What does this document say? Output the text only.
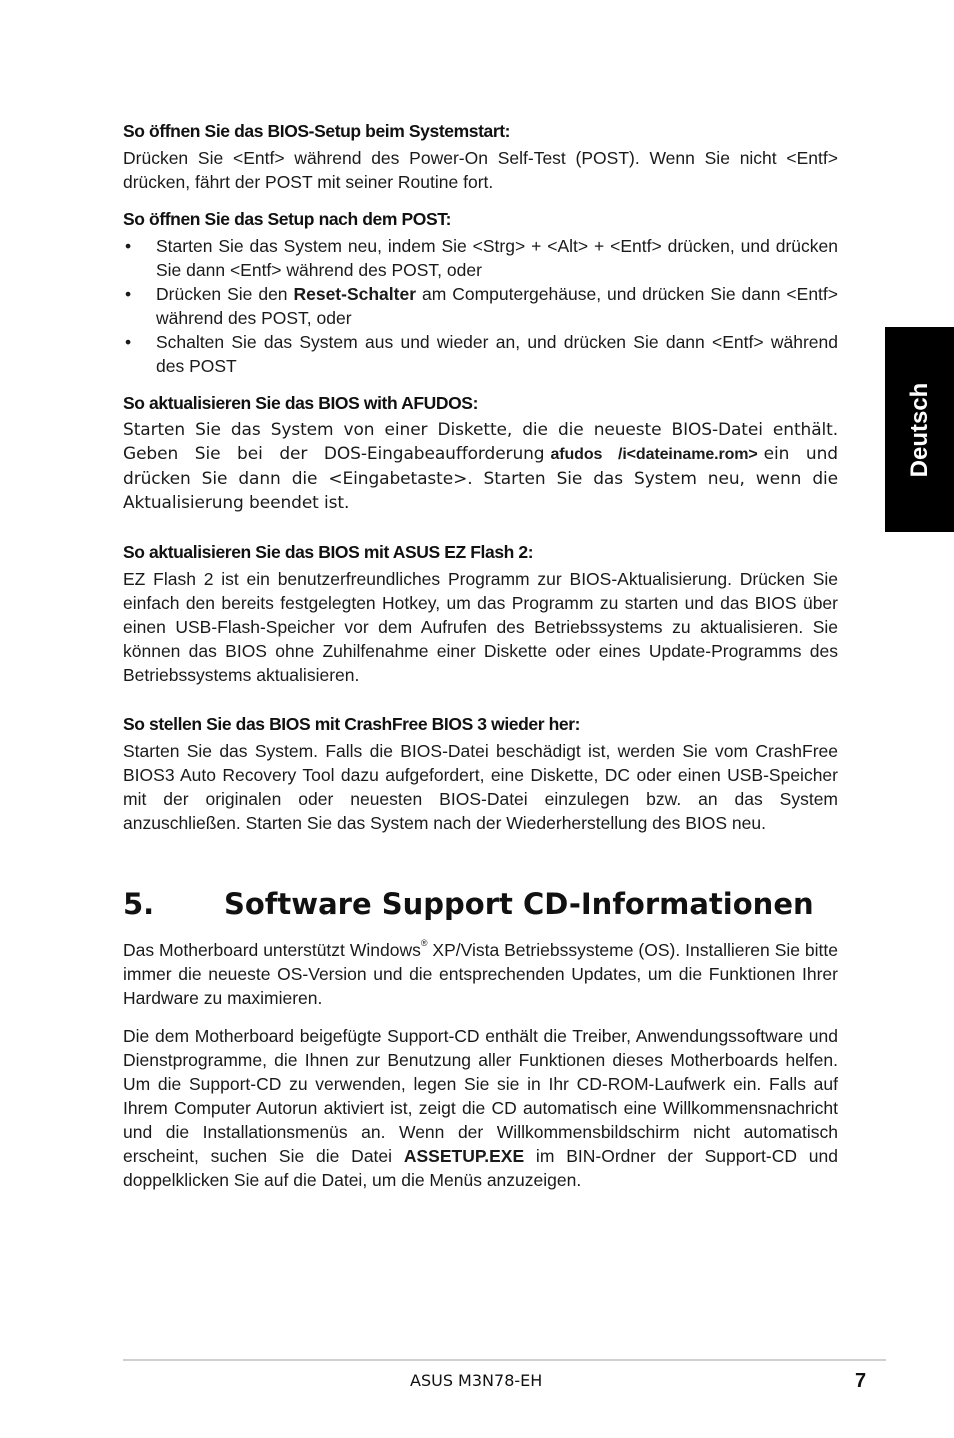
Deutsch
So öffnen Sie das BIOS-Setup beim Systemstart:

Drücken Sie <Entf> während des Power-On Self-Test (POST). Wenn Sie nicht <Entf> drücken, fährt der POST mit seiner Routine fort.

So öffnen Sie das Setup nach dem POST:
• Starten Sie das System neu, indem Sie <Strg> + <Alt> + <Entf> drücken, und drücken Sie dann <Entf> während des POST, oder
• Drücken Sie den Reset-Schalter am Computergehäuse, und drücken Sie dann <Entf> während des POST, oder
• Schalten Sie das System aus und wieder an, und drücken Sie dann <Entf> während des POST
So aktualisieren Sie das BIOS with AFUDOS:

Starten Sie das System von einer Diskette, die die neueste BIOS-Datei enthält. Geben Sie bei der DOS-Eingabeaufforderung afudos /i<dateiname.rom> ein und drücken Sie dann die <Eingabetaste>. Starten Sie das System neu, wenn die Aktualisierung beendet ist.

So aktualisieren Sie das BIOS mit ASUS EZ Flash 2:

EZ Flash 2 ist ein benutzerfreundliches Programm zur BIOS-Aktualisierung. Drücken Sie einfach den bereits festgelegten Hotkey, um das Programm zu starten und das BIOS über einen USB-Flash-Speicher vor dem Aufrufen des Betriebssystems zu aktualisieren. Sie können das BIOS ohne Zuhilfenahme einer Diskette oder eines Update-Programms des Betriebssystems aktualisieren.

So stellen Sie das BIOS mit CrashFree BIOS 3 wieder her:

Starten Sie das System. Falls die BIOS-Datei beschädigt ist, werden Sie vom CrashFree BIOS3 Auto Recovery Tool dazu aufgefordert, eine Diskette, DC oder einen USB-Speicher mit der originalen oder neuesten BIOS-Datei einzulegen bzw. an das System anzuschließen. Starten Sie das System nach der Wiederherstellung des BIOS neu.

5.	Software Support CD-Informationen

Das Motherboard unterstützt Windows® XP/Vista Betriebssysteme (OS). Installieren Sie bitte immer die neueste OS-Version und die entsprechenden Updates, um die Funktionen Ihrer Hardware zu maximieren.

Die dem Motherboard beigefügte Support-CD enthält die Treiber, Anwendungssoftware und Dienstprogramme, die Ihnen zur Benutzung aller Funktionen dieses Motherboards helfen. Um die Support-CD zu verwenden, legen Sie sie in Ihr CD-ROM-Laufwerk ein. Falls auf Ihrem Computer Autorun aktiviert ist, zeigt die CD automatisch eine Willkommensnachricht und die Installationsmenüs an. Wenn der Willkommensbildschirm nicht automatisch erscheint, suchen Sie die Datei ASSETUP.EXE im BIN-Ordner der Support-CD und doppelklicken Sie auf die Datei, um die Menüs anzuzeigen.

ASUS M3N78-EH	7
